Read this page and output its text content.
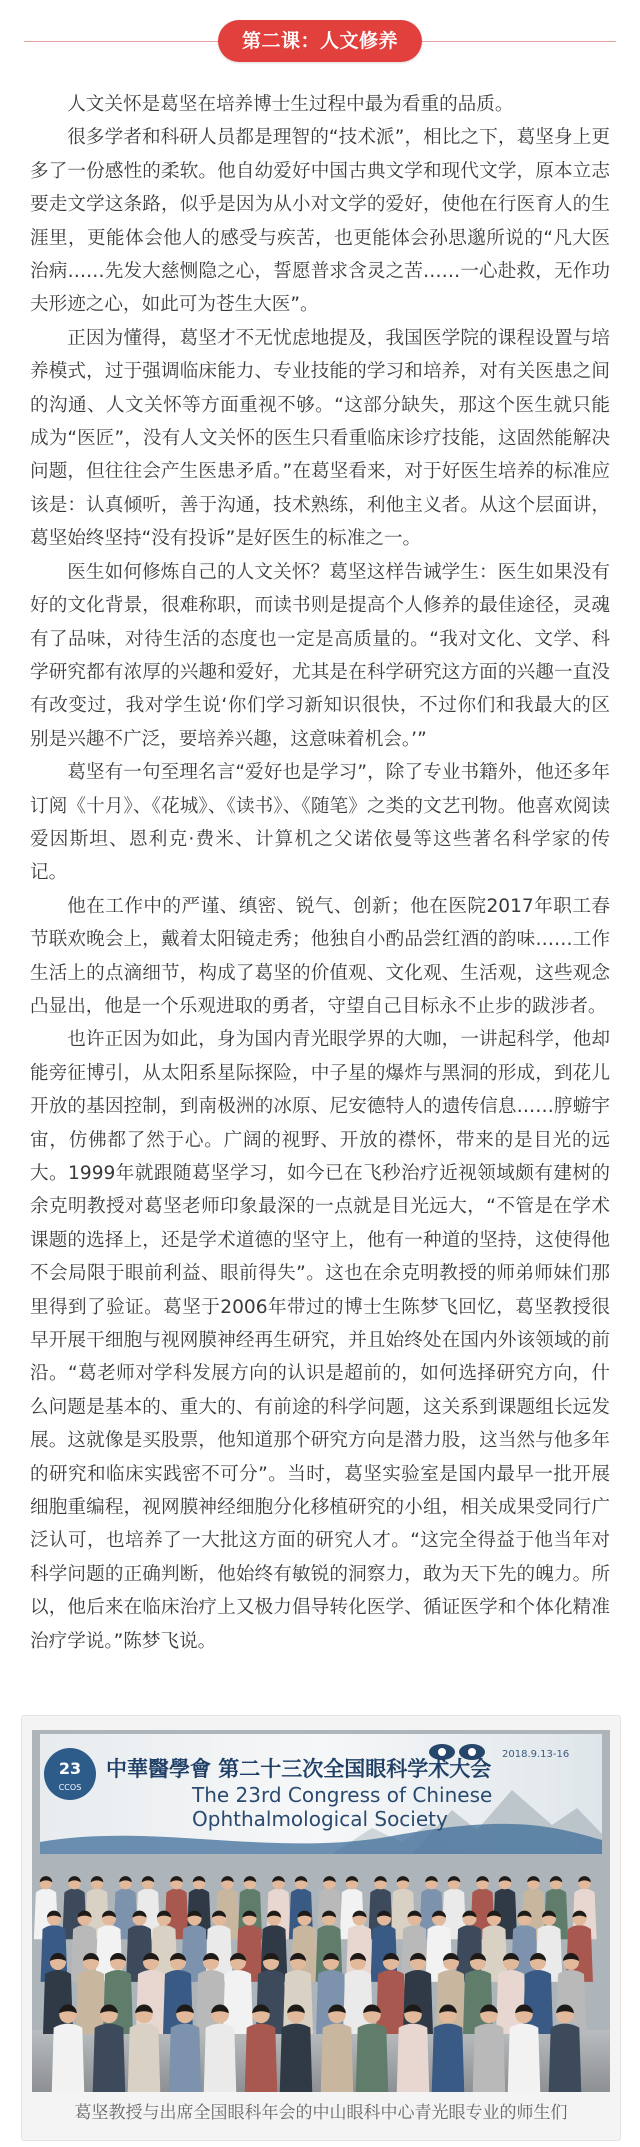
第二课：人文修养

人文关怀是葛坚在培养博士生过程中最为看重的品质。

很多学者和科研人员都是理智的“技术派”，相比之下，葛坚身上更多了一份感性的柔软。他自幼爱好中国古典文学和现代文学，原本立志要走文学这条路，似乎是因为从小对文学的爱好，使他在行医育人的生涯里，更能体会他人的感受与疾苦，也更能体会孙思邈所说的“凡大医治病……先发大慈恻隐之心，誓愿普求含灵之苦……一心赴救，无作功夫形迹之心，如此可为苍生大医”。

正因为懂得，葛坚才不无忧虑地提及，我国医学院的课程设置与培养模式，过于强调临床能力、专业技能的学习和培养，对有关医患之间的沟通、人文关怀等方面重视不够。“这部分缺失，那这个医生就只能成为“医匠”，没有人文关怀的医生只看重临床诊疗技能，这固然能解决问题，但往往会产生医患矛盾。”在葛坚看来，对于好医生培养的标准应该是：认真倾听，善于沟通，技术熟练，利他主义者。从这个层面讲，葛坚始终坚持“没有投诉”是好医生的标准之一。

医生如何修炼自己的人文关怀？葛坚这样告诫学生：医生如果没有好的文化背景，很难称职，而读书则是提高个人修养的最佳途径，灵魂有了品味，对待生活的态度也一定是高质量的。“我对文化、文学、科学研究都有浓厚的兴趣和爱好，尤其是在科学研究这方面的兴趣一直没有改变过，我对学生说‘你们学习新知识很快，不过你们和我最大的区别是兴趣不广泛，要培养兴趣，这意味着机会。’”

葛坚有一句至理名言“爱好也是学习”，除了专业书籍外，他还多年订阅《十月》、《花城》、《读书》、《随笔》之类的文艺刊物。他喜欢阅读爱因斯坦、恩利克·费米、计算机之父诺依曼等这些著名科学家的传记。

他在工作中的严谨、缜密、锐气、创新；他在医院2017年职工春节联欢晚会上，戴着太阳镜走秀；他独自小酌品尝红酒的韵味……工作生活上的点滴细节，构成了葛坚的价值观、文化观、生活观，这些观念凸显出，他是一个乐观进取的勇者，守望自己目标永不止步的跋涉者。

也许正因为如此，身为国内青光眼学界的大咖，一讲起科学，他却能旁征博引，从太阳系星际探险，中子星的爆炸与黑洞的形成，到花儿开放的基因控制，到南极洲的冰原、尼安德特人的遗传信息……脝蝣宇宙，仿佛都了然于心。广阔的视野、开放的襟怀，带来的是目光的远大。1999年就跟随葛坚学习，如今已在飞秒治疗近视领域颇有建树的余克明教授对葛坚老师印象最深的一点就是目光远大，“不管是在学术课题的选择上，还是学术道德的坚守上，他有一种道的坚持，这使得他不会局限于眼前利益、眼前得失”。这也在余克明教授的师弟师妹们那里得到了验证。葛坚于2006年带过的博士生陈梦飞回忆，葛坚教授很早开展干细胞与视网膜神经再生研究，并且始终处在国内外该领域的前沿。“葛老师对学科发展方向的认识是超前的，如何选择研究方向，什么问题是基本的、重大的、有前途的科学问题，这关系到课题组长远发展。这就像是买股票，他知道那个研究方向是潜力股，这当然与他多年的研究和临床实践密不可分”。当时，葛坚实验室是国内最早一批开展细胞重编程，视网膜神经细胞分化移植研究的小组，相关成果受同行广泛认可，也培养了一大批这方面的研究人才。“这完全得益于他当年对科学问题的正确判断，他始终有敏锐的洞察力，敢为天下先的魄力。所以，他后来在临床治疗上又极力倡导转化医学、循证医学和个体化精准治疗学说。”陈梦飞说。

23
CCOS
中華醫學會 第二十三次全国眼科学术大会
2018.9.13-16
The 23rd Congress of Chinese
Ophthalmological Society
葛坚教授与出席全国眼科年会的中山眼科中心青光眼专业的师生们
